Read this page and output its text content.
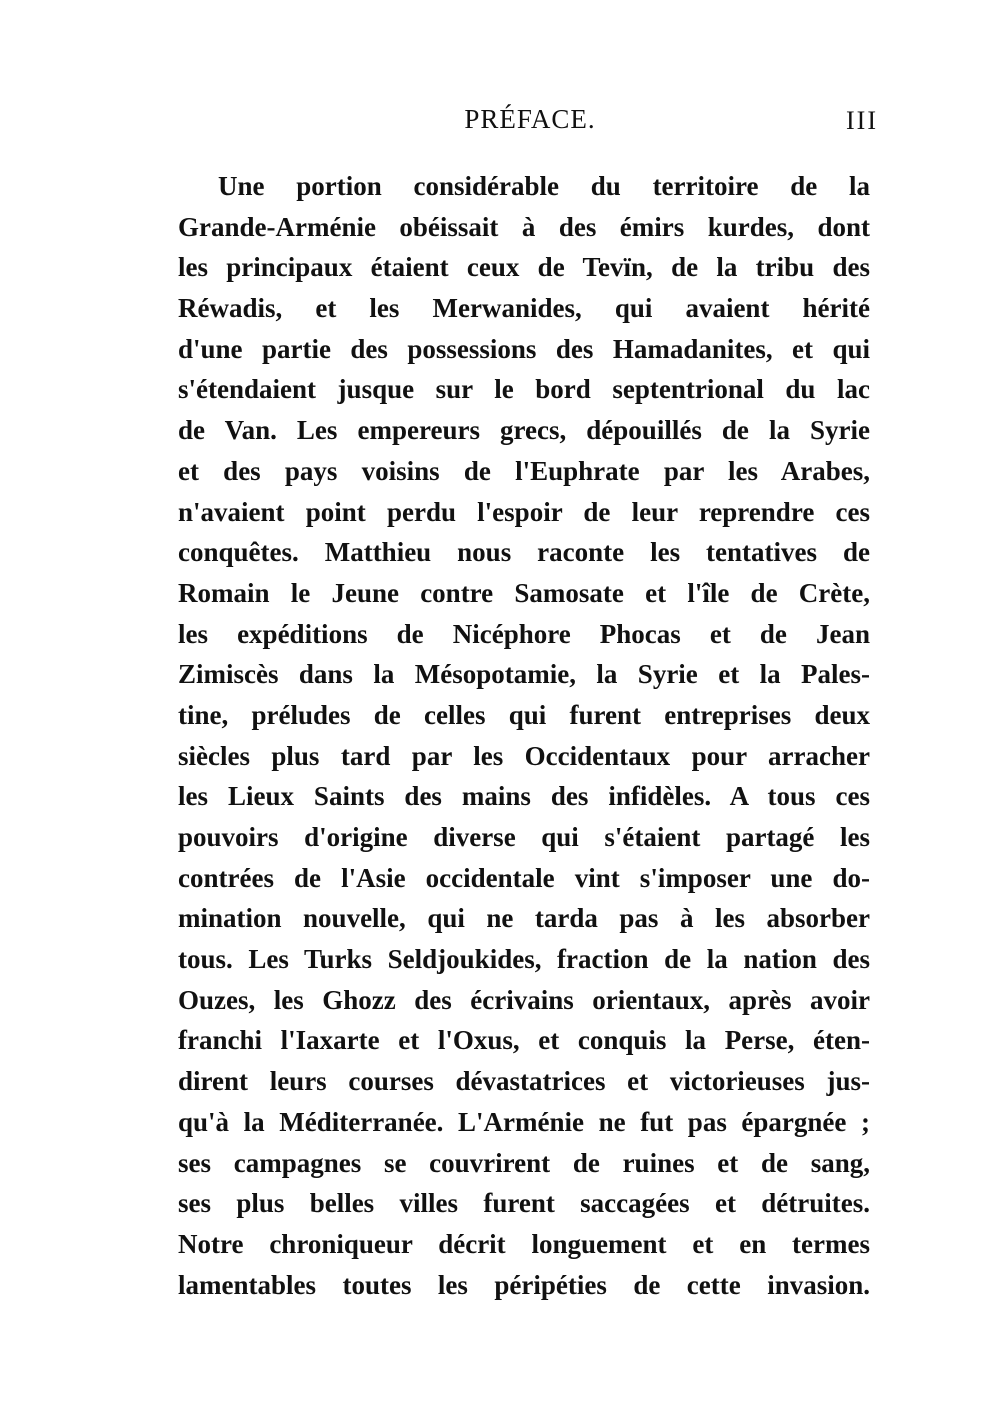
PRÉFACE.	III
Une portion considérable du territoire de la
Grande-Arménie obéissait à des émirs kurdes, dont
les principaux étaient ceux de Tevïn, de la tribu des
Réwadis, et les Merwanides, qui avaient hérité
d'une partie des possessions des Hamadanites, et qui
s'étendaient jusque sur le bord septentrional du lac
de Van. Les empereurs grecs, dépouillés de la Syrie
et des pays voisins de l'Euphrate par les Arabes,
n'avaient point perdu l'espoir de leur reprendre ces
conquêtes. Matthieu nous raconte les tentatives de
Romain le Jeune contre Samosate et l'île de Crète,
les expéditions de Nicéphore Phocas et de Jean
Zimiscès dans la Mésopotamie, la Syrie et la Pales-
tine, préludes de celles qui furent entreprises deux
siècles plus tard par les Occidentaux pour arracher
les Lieux Saints des mains des infidèles. A tous ces
pouvoirs d'origine diverse qui s'étaient partagé les
contrées de l'Asie occidentale vint s'imposer une do-
mination nouvelle, qui ne tarda pas à les absorber
tous. Les Turks Seldjoukides, fraction de la nation des
Ouzes, les Ghozz des écrivains orientaux, après avoir
franchi l'Iaxarte et l'Oxus, et conquis la Perse, éten-
dirent leurs courses dévastatrices et victorieuses jus-
qu'à la Méditerranée. L'Arménie ne fut pas épargnée ;
ses campagnes se couvrirent de ruines et de sang,
ses plus belles villes furent saccagées et détruites.
Notre chroniqueur décrit longuement et en termes
lamentables toutes les péripéties de cette invasion.
